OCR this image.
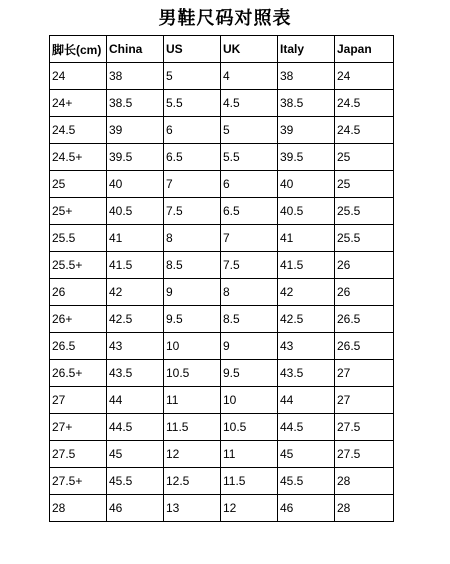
男鞋尺码对照表
脚长(cm)	China	US	UK	Italy	Japan
24	38	5	4	38	24
24+	38.5	5.5	4.5	38.5	24.5
24.5	39	6	5	39	24.5
24.5+	39.5	6.5	5.5	39.5	25
25	40	7	6	40	25
25+	40.5	7.5	6.5	40.5	25.5
25.5	41	8	7	41	25.5
25.5+	41.5	8.5	7.5	41.5	26
26	42	9	8	42	26
26+	42.5	9.5	8.5	42.5	26.5
26.5	43	10	9	43	26.5
26.5+	43.5	10.5	9.5	43.5	27
27	44	11	10	44	27
27+	44.5	11.5	10.5	44.5	27.5
27.5	45	12	11	45	27.5
27.5+	45.5	12.5	11.5	45.5	28
28	46	13	12	46	28
